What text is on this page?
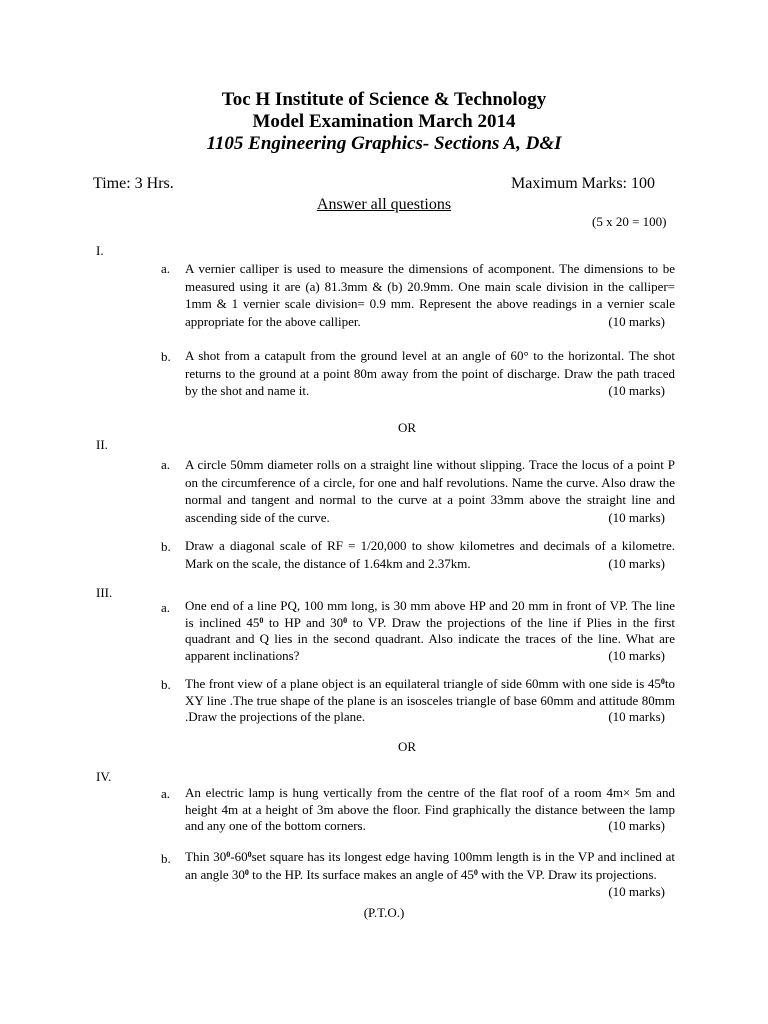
Toc H Institute of Science & Technology
Model Examination March 2014
1105 Engineering Graphics- Sections A, D&I
Time: 3 Hrs.	Maximum Marks: 100
Answer all questions
(5 x 20 = 100)
I.
a. A vernier calliper is used to measure the dimensions of acomponent. The dimensions to be measured using it are (a) 81.3mm & (b) 20.9mm. One main scale division in the calliper= 1mm & 1 vernier scale division= 0.9 mm. Represent the above readings in a vernier scale appropriate for the above calliper.	(10 marks)
b. A shot from a catapult from the ground level at an angle of 60° to the horizontal. The shot returns to the ground at a point 80m away from the point of discharge. Draw the path traced by the shot and name it.	(10 marks)
OR
II.
a. A circle 50mm diameter rolls on a straight line without slipping. Trace the locus of a point P on the circumference of a circle, for one and half revolutions. Name the curve. Also draw the normal and tangent and normal to the curve at a point 33mm above the straight line and ascending side of the curve.	(10 marks)
b. Draw a diagonal scale of RF = 1/20,000 to show kilometres and decimals of a kilometre. Mark on the scale, the distance of 1.64km and 2.37km.	(10 marks)
III.
a. One end of a line PQ, 100 mm long, is 30 mm above HP and 20 mm in front of VP. The line is inclined $45^0$ to HP and $30^0$ to VP. Draw the projections of the line if Plies in the first quadrant and Q lies in the second quadrant. Also indicate the traces of the line. What are apparent inclinations?	(10 marks)
b. The front view of a plane object is an equilateral triangle of side 60mm with one side is $45^0to$ XY line .The true shape of the plane is an isosceles triangle of base 60mm and attitude 80mm .Draw the projections of the plane.	(10 marks)
OR
IV.
a. An electric lamp is hung vertically from the centre of the flat roof of a room 4m× 5m and height 4m at a height of 3m above the floor. Find graphically the distance between the lamp and any one of the bottom corners.	(10 marks)
b. Thin $30^0-60^0set$ square has its longest edge having 100mm length is in the VP and inclined at an angle $30^0$ to the HP. Its surface makes an angle of $45^0$ with the VP. Draw its projections.
(10 marks)
(P.T.O.)
